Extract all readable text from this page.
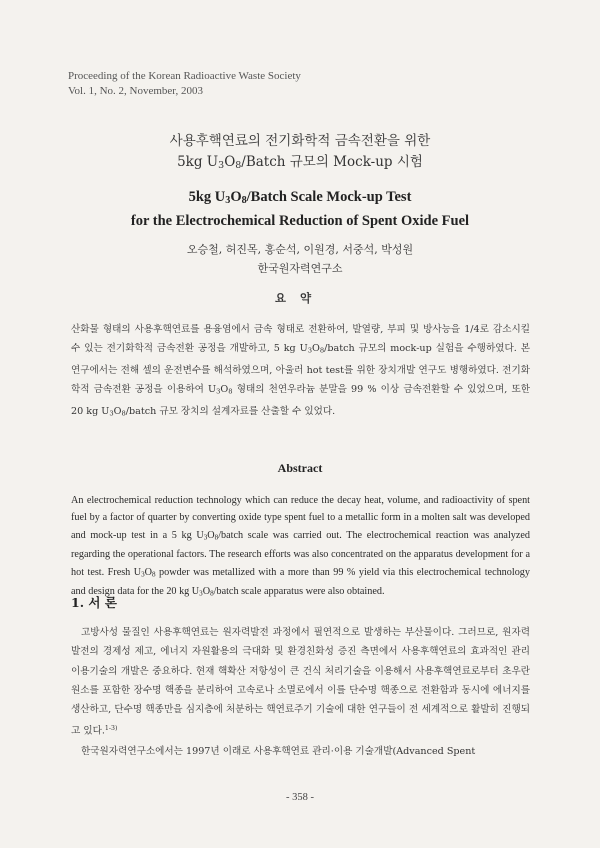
Proceeding of the Korean Radioactive Waste Society
Vol. 1, No. 2, November, 2003
사용후핵연료의 전기화학적 금속전환을 위한
5kg $U_3O_8$/Batch 규모의 Mock-up 시험
5kg U3O8/Batch Scale Mock-up Test
for the Electrochemical Reduction of Spent Oxide Fuel
오승철, 허진목, 홍순석, 이원경, 서중석, 박성원
한국원자력연구소
요약
산화물 형태의 사용후핵연료를 용융염에서 금속 형태로 전환하여, 발열량, 부피 및 방사능을 1/4로 감소시킬 수 있는 전기화학적 금속전환 공정을 개발하고, 5 kg $U_3O_8$/batch 규모의 mock-up 실험을 수행하였다. 본 연구에서는 전해 셀의 운전변수를 해석하였으며, 아울러 hot test를 위한 장치개발 연구도 병행하였다. 전기화학적 금속전환 공정을 이용하여 $U_3O_8$ 형태의 천연우라늄 분말을 99 % 이상 금속전환할 수 있었으며, 또한 20 kg $U_3O_8$/batch 규모 장치의 설계자료를 산출할 수 있었다.
Abstract
An electrochemical reduction technology which can reduce the decay heat, volume, and radioactivity of spent fuel by a factor of quarter by converting oxide type spent fuel to a metallic form in a molten salt was developed and mock-up test in a 5 kg $U_3O_8$/batch scale was carried out. The electrochemical reaction was analyzed regarding the operational factors. The research efforts was also concentrated on the apparatus development for a hot test. Fresh $U_3O_8$ powder was metallized with a more than 99 % yield via this electrochemical technology and design data for the 20 kg $U_3O_8$/batch scale apparatus were also obtained.
1. 서 론
고방사성 물질인 사용후핵연료는 원자력발전 과정에서 필연적으로 발생하는 부산물이다. 그러므로, 원자력발전의 경제성 제고, 에너지 자원활용의 극대화 및 환경친화성 증진 측면에서 사용후핵연료의 효과적인 관리 이용기술의 개발은 중요하다. 현재 핵확산 저항성이 큰 건식 처리기술을 이용해서 사용후핵연료로부터 초우란 원소를 포함한 장수명 핵종을 분리하여 고속로나 소멸로에서 이를 단수명 핵종으로 전환함과 동시에 에너지를 생산하고, 단수명 핵종만을 심지층에 처분하는 핵연료주기 기술에 대한 연구들이 전 세계적으로 활발히 진행되고 있다.$^{1-3)}$
한국원자력연구소에서는 1997년 이래로 사용후핵연료 관리·이용 기술개발(Advanced Spent
- 358 -
